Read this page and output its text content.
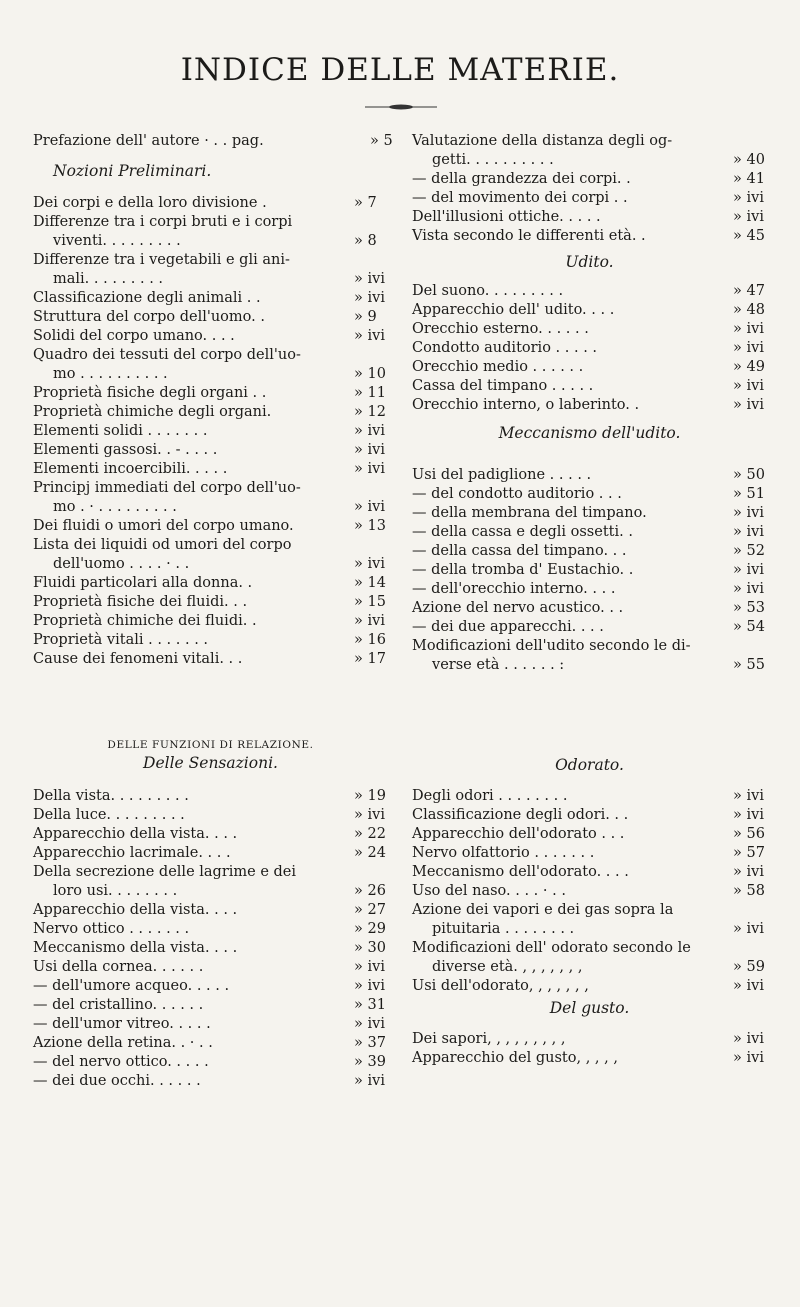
INDICE DELLE MATERIE.
Prefazione dell' autore · . . pag.	» 5
Nozioni Preliminari.
Dei corpi e della loro divisione .	» 7
Differenze tra i corpi bruti e i corpi
viventi. . . . . . . . .	» 8
Differenze tra i vegetabili e gli ani-
mali. . . . . . . . .	» ivi
Classificazione degli animali . .	» ivi
Struttura del corpo dell'uomo. .	» 9
Solidi del corpo umano. . . .	» ivi
Quadro dei tessuti del corpo dell'uo-
mo . . . . . . . . . .	» 10
Proprietà fisiche degli organi . .	» 11
Proprietà chimiche degli organi.	» 12
Elementi solidi . . . . . . .	» ivi
Elementi gassosi. . - . . . .	» ivi
Elementi incoercibili. . . . .	» ivi
Principj immediati del corpo dell'uo-
mo . · . . . . . . . . .	» ivi
Dei fluidi o umori del corpo umano.	» 13
Lista dei liquidi od umori del corpo
dell'uomo . . . . · . .	» ivi
Fluidi particolari alla donna. .	» 14
Proprietà fisiche dei fluidi. . .	» 15
Proprietà chimiche dei fluidi. .	» ivi
Proprietà vitali . . . . . . .	» 16
Cause dei fenomeni vitali. . .	» 17
DELLE FUNZIONI DI RELAZIONE.
Delle Sensazioni.
Della vista. . . . . . . . .	» 19
Della luce. . . . . . . . .	» ivi
Apparecchio della vista. . . .	» 22
Apparecchio lacrimale. . . .	» 24
Della secrezione delle lagrime e dei
loro usi. . . . . . . .	» 26
Apparecchio della vista. . . .	» 27
Nervo ottico . . . . . . .	» 29
Meccanismo della vista. . . .	» 30
Usi della cornea. . . . . .	» ivi
— dell'umore acqueo. . . . .	» ivi
— del cristallino. . . . . .	» 31
— dell'umor vitreo. . . . .	» ivi
Azione della retina. . · . .	» 37
— del nervo ottico. . . . .	» 39
— dei due occhi. . . . . .	» ivi
Valutazione della distanza degli og-
getti. . . . . . . . . .	» 40
— della grandezza dei corpi. .	» 41
— del movimento dei corpi . .	» ivi
Dell'illusioni ottiche. . . . .	» ivi
Vista secondo le differenti età. .	» 45
Udito.
Del suono. . . . . . . . .	» 47
Apparecchio dell' udito. . . .	» 48
Orecchio esterno. . . . . .	» ivi
Condotto auditorio . . . . .	» ivi
Orecchio medio . . . . . .	» 49
Cassa del timpano . . . . .	» ivi
Orecchio interno, o laberinto. .	» ivi
Meccanismo dell'udito.
Usi del padiglione . . . . .	» 50
— del condotto auditorio . . .	» 51
— della membrana del timpano.	» ivi
— della cassa e degli ossetti. .	» ivi
— della cassa del timpano. . .	» 52
— della tromba d' Eustachio. .	» ivi
— dell'orecchio interno. . . .	» ivi
Azione del nervo acustico. . .	» 53
— dei due apparecchi. . . .	» 54
Modificazioni dell'udito secondo le di-
verse età . . . . . . :	» 55
Odorato.
Degli odori . . . . . . . .	» ivi
Classificazione degli odori. . .	» ivi
Apparecchio dell'odorato . . .	» 56
Nervo olfattorio . . . . . . .	» 57
Meccanismo dell'odorato. . . .	» ivi
Uso del naso. . . . · . .	» 58
Azione dei vapori e dei gas sopra la
pituitaria . . . . . . . .	» ivi
Modificazioni dell' odorato secondo le
diverse età. , , , , , , ,	» 59
Usi dell'odorato, , , , , , ,	» ivi
Del gusto.
Dei sapori, , , , , , , , ,	» ivi
Apparecchio del gusto, , , , ,	» ivi
